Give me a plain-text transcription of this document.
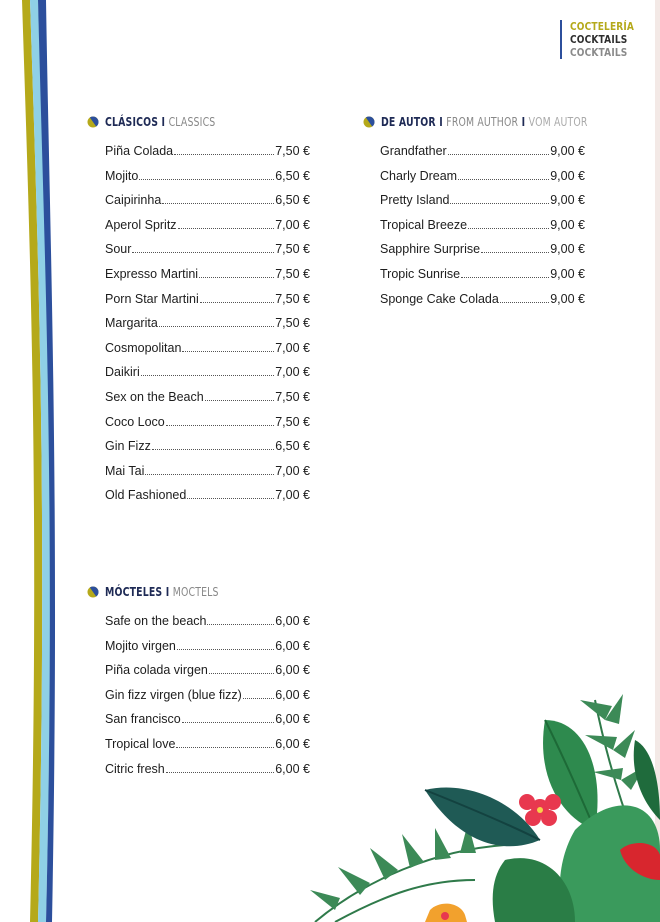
COCTELERÍA
COCKTAILS
COCKTAILS
CLÁSICOS I CLASSICS
Piña Colada	7,50 €
Mojito	6,50 €
Caipirinha	6,50 €
Aperol Spritz	7,00 €
Sour	7,50 €
Expresso Martini	7,50 €
Porn Star Martini	7,50 €
Margarita	7,50 €
Cosmopolitan	7,00 €
Daikiri	7,00 €
Sex on the Beach	7,50 €
Coco Loco	7,50 €
Gin Fizz	6,50 €
Mai Tai	7,00 €
Old Fashioned	7,00 €
DE AUTOR I FROM AUTHOR I VOM AUTOR
Grandfather	9,00 €
Charly Dream	9,00 €
Pretty Island	9,00 €
Tropical Breeze	9,00 €
Sapphire Surprise	9,00 €
Tropic Sunrise	9,00 €
Sponge Cake Colada	9,00 €
MÓCTELES I MOCTELS
Safe on the beach	6,00 €
Mojito virgen	6,00 €
Piña colada virgen	6,00 €
Gin fizz virgen (blue fizz)	6,00 €
San francisco	6,00 €
Tropical love	6,00 €
Citric fresh	6,00 €
